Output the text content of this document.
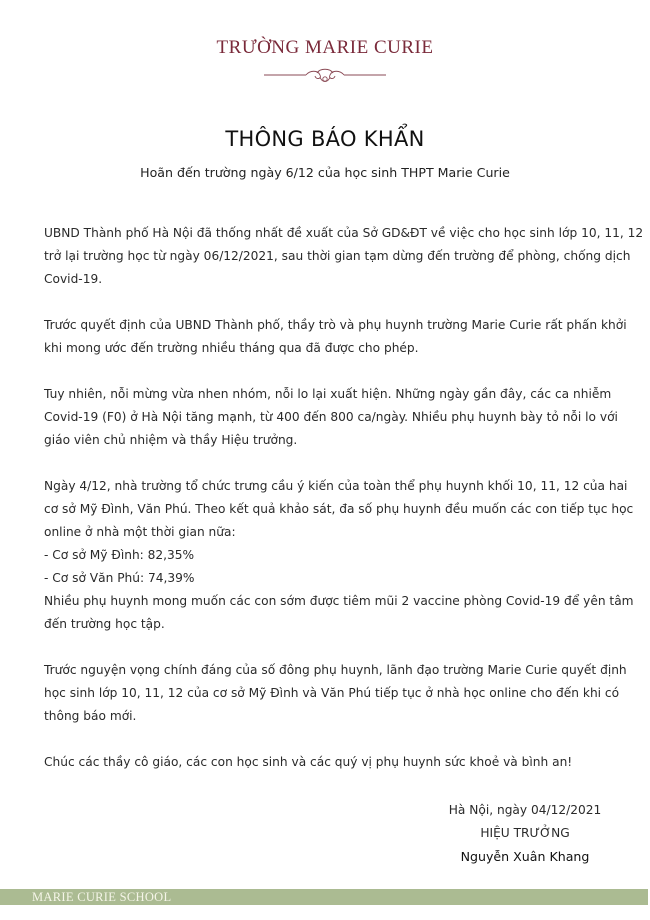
TRƯỜNG MARIE CURIE
THÔNG BÁO KHẨN
Hoãn đến trường ngày 6/12 của học sinh THPT Marie Curie
UBND Thành phố Hà Nội đã thống nhất đề xuất của Sở GD&ĐT về việc cho học sinh lớp 10, 11, 12
trở lại trường học từ ngày 06/12/2021, sau thời gian tạm dừng đến trường để phòng, chống dịch
Covid-19.
Trước quyết định của UBND Thành phố, thầy trò và phụ huynh trường Marie Curie rất phấn khởi
khi mong ước đến trường nhiều tháng qua đã được cho phép.
Tuy nhiên, nỗi mừng vừa nhen nhóm, nỗi lo lại xuất hiện. Những ngày gần đây, các ca nhiễm
Covid-19 (F0) ở Hà Nội tăng mạnh, từ 400 đến 800 ca/ngày. Nhiều phụ huynh bày tỏ nỗi lo với
giáo viên chủ nhiệm và thầy Hiệu trưởng.
Ngày 4/12, nhà trường tổ chức trưng cầu ý kiến của toàn thể phụ huynh khối 10, 11, 12 của hai
cơ sở Mỹ Đình, Văn Phú. Theo kết quả khảo sát, đa số phụ huynh đều muốn các con tiếp tục học
online ở nhà một thời gian nữa:
- Cơ sở Mỹ Đình: 82,35%
- Cơ sở Văn Phú: 74,39%
Nhiều phụ huynh mong muốn các con sớm được tiêm mũi 2 vaccine phòng Covid-19 để yên tâm
đến trường học tập.
Trước nguyện vọng chính đáng của số đông phụ huynh, lãnh đạo trường Marie Curie quyết định
học sinh lớp 10, 11, 12 của cơ sở Mỹ Đình và Văn Phú tiếp tục ở nhà học online cho đến khi có
thông báo mới.
Chúc các thầy cô giáo, các con học sinh và các quý vị phụ huynh sức khoẻ và bình an!
Hà Nội, ngày 04/12/2021
HIỆU TRƯỞNG
Nguyễn Xuân Khang
MARIE CURIE SCHOOL
